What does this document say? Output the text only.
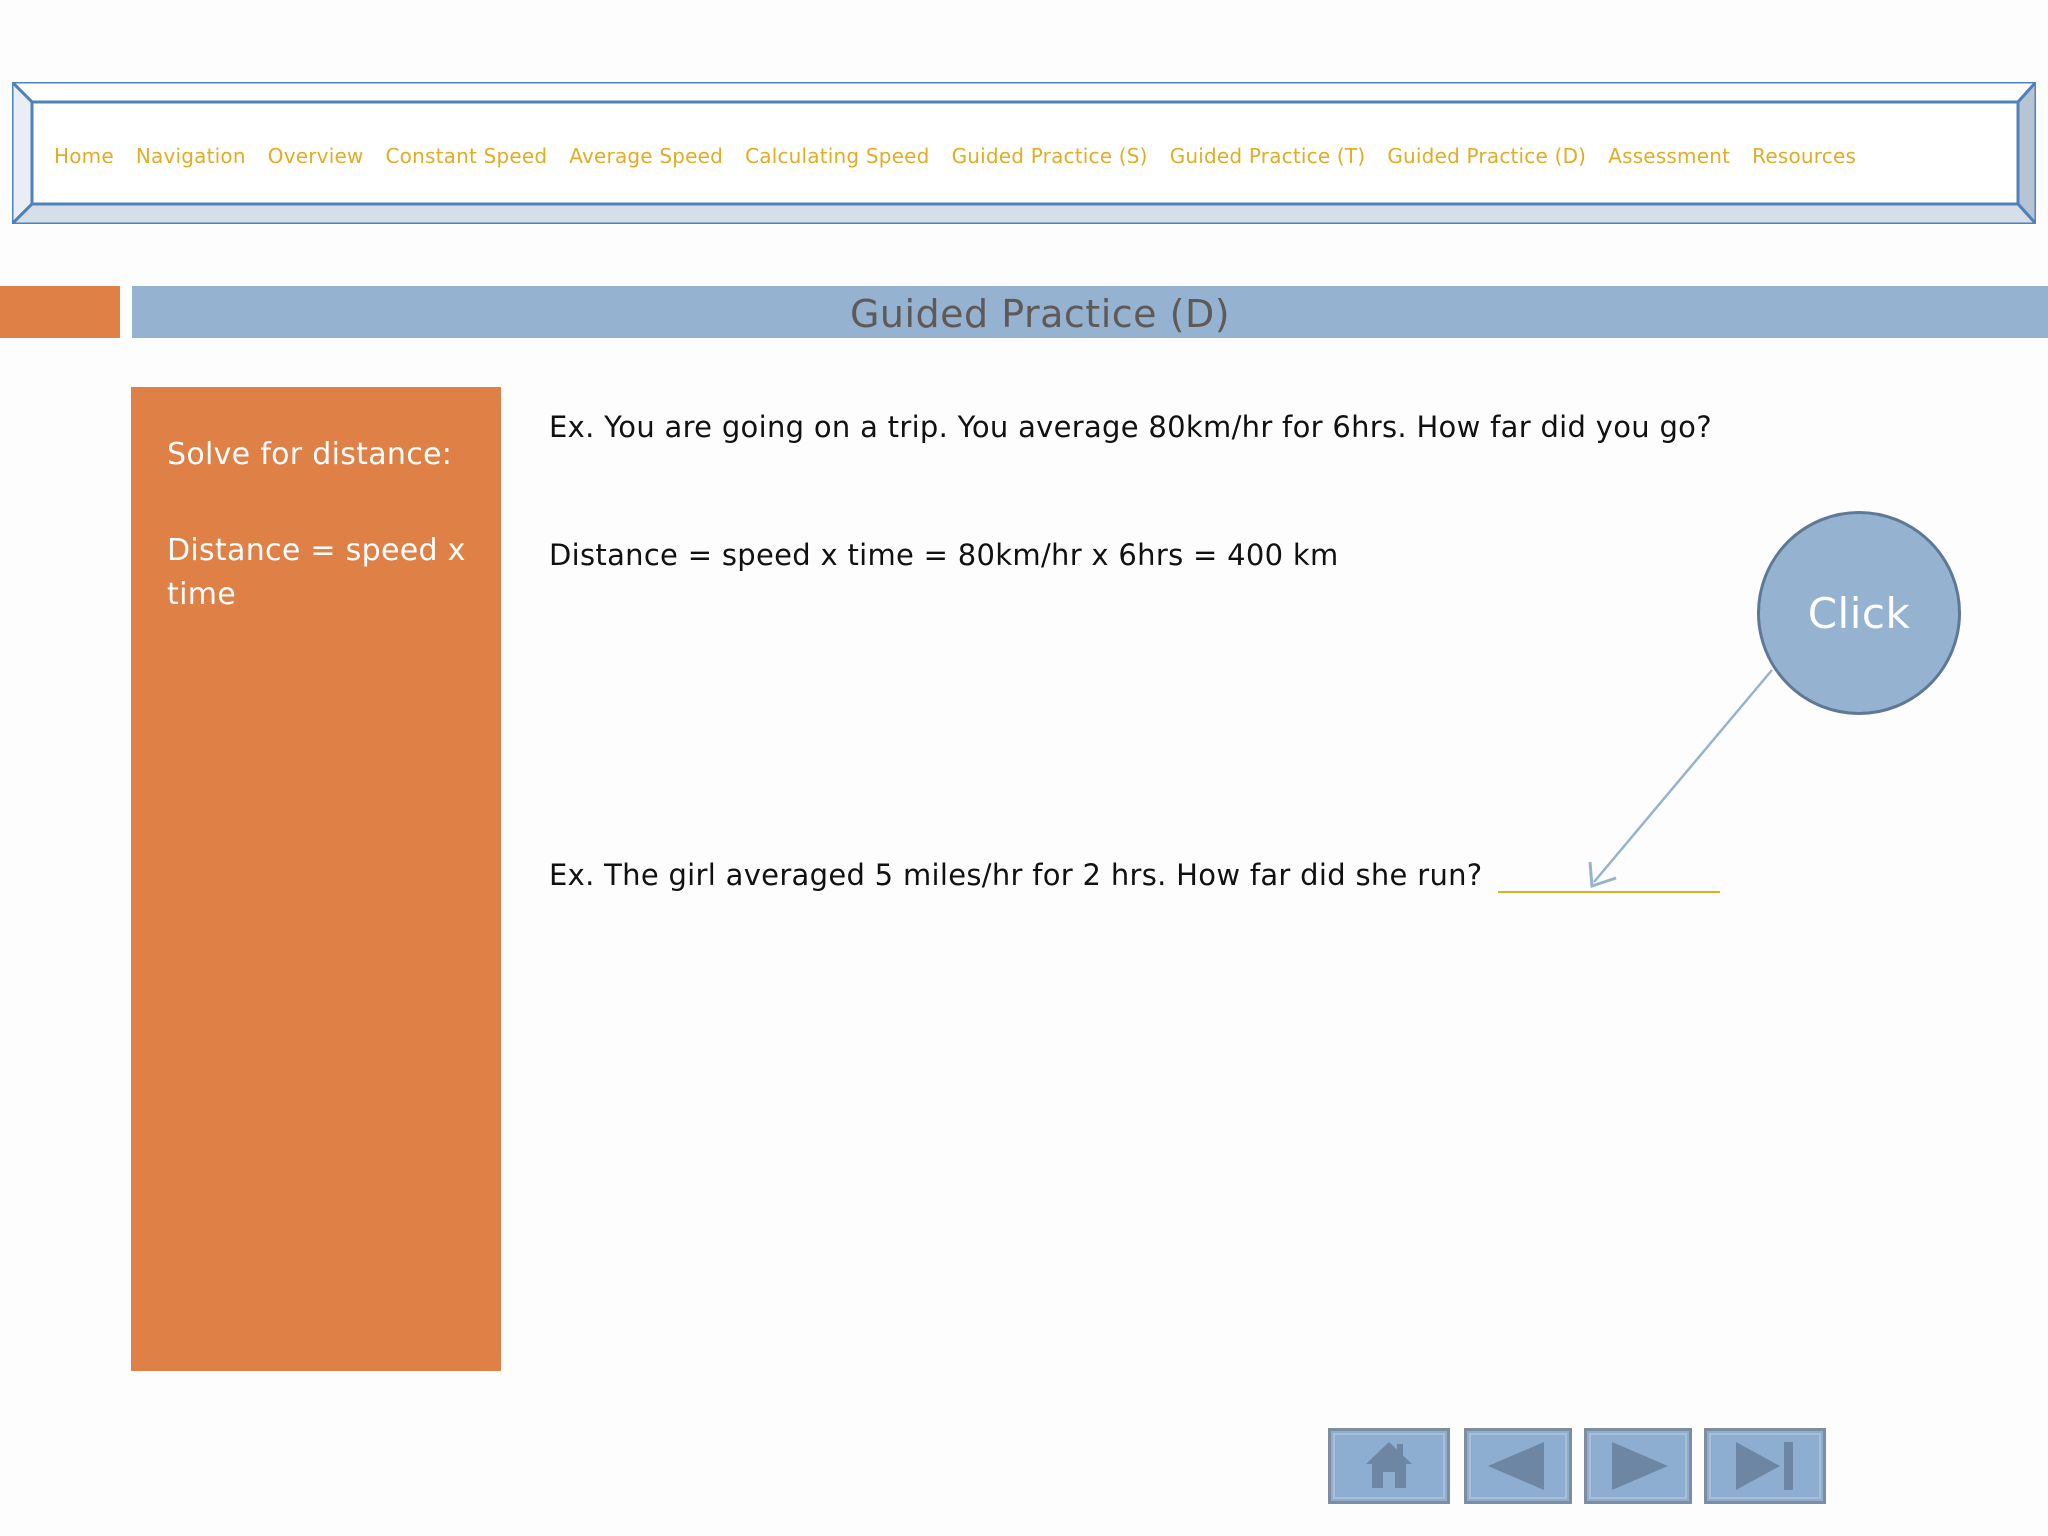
Home Navigation Overview Constant Speed Average Speed Calculating Speed Guided Practice (S) Guided Practice (T) Guided Practice (D) Assessment Resources
Guided Practice (D)
Solve for distance:
Distance = speed x time
Ex. You are going on a trip. You average 80km/hr for 6hrs. How far did you go?
Distance = speed x time = 80km/hr x 6hrs = 400 km
Ex. The girl averaged 5 miles/hr for 2 hrs. How far did she run?
Click
